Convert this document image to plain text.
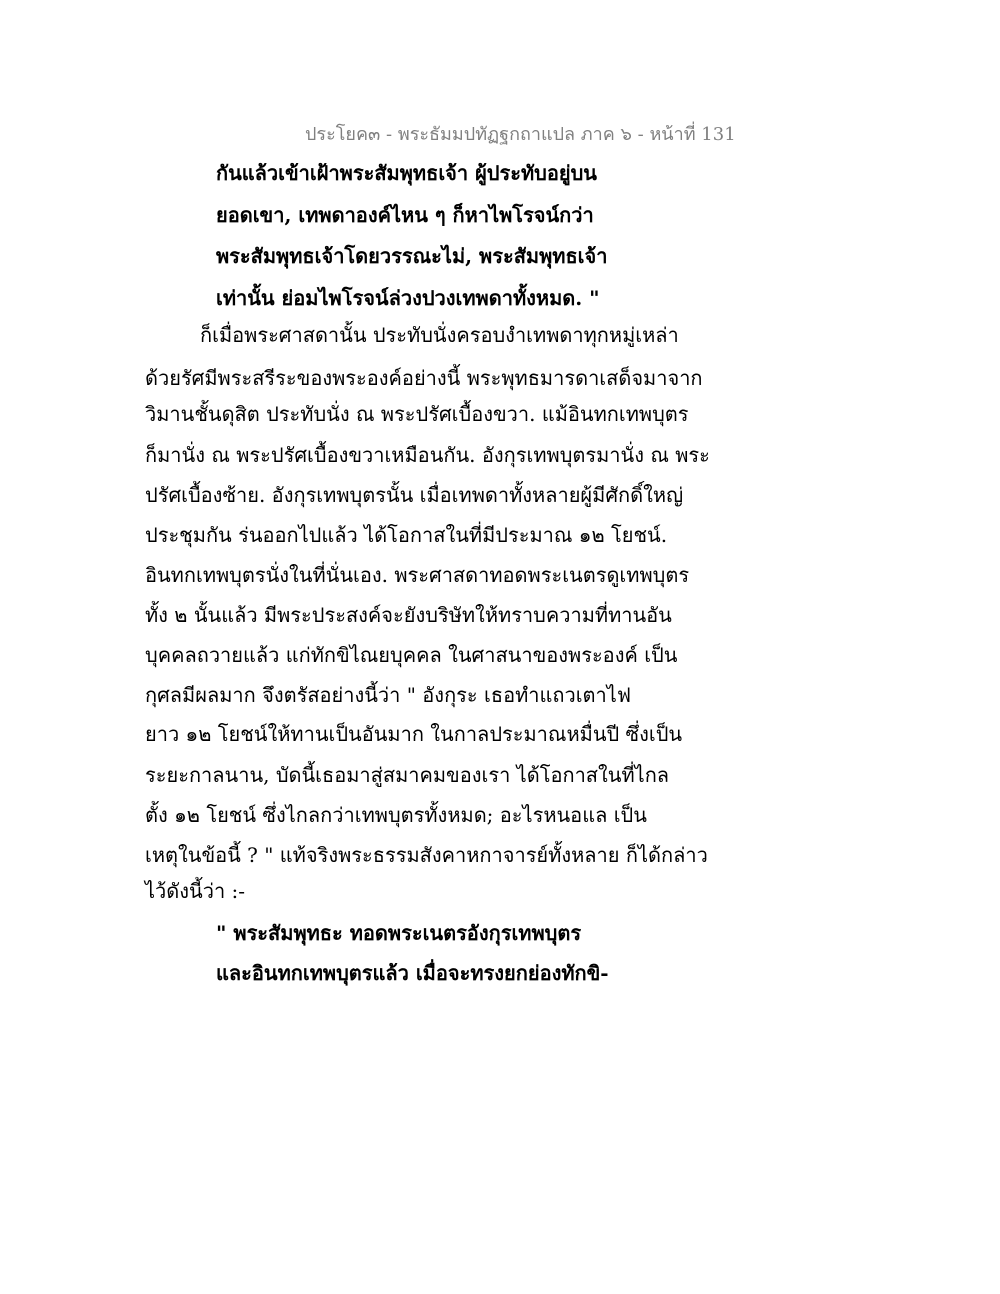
ประโยค๓ - พระธัมมปทัฏฐกถาแปล ภาค ๖ - หน้าที่ 131
กันแล้วเข้าเฝ้าพระสัมพุทธเจ้า ผู้ประทับอยู่บน
ยอดเขา, เทพดาองค์ไหน ๆ ก็หาไพโรจน์กว่า
พระสัมพุทธเจ้าโดยวรรณะไม่, พระสัมพุทธเจ้า
เท่านั้น ย่อมไพโรจน์ล่วงปวงเทพดาทั้งหมด. "
ก็เมื่อพระศาสดานั้น ประทับนั่งครอบงำเทพดาทุกหมู่เหล่า
ด้วยรัศมีพระสรีระของพระองค์อย่างนี้ พระพุทธมารดาเสด็จมาจาก
วิมานชั้นดุสิต ประทับนั่ง ณ พระปรัศเบื้องขวา. แม้อินทกเทพบุตร
ก็มานั่ง ณ พระปรัศเบื้องขวาเหมือนกัน. อังกุรเทพบุตรมานั่ง ณ พระ
ปรัศเบื้องซ้าย. อังกุรเทพบุตรนั้น เมื่อเทพดาทั้งหลายผู้มีศักดิ์ใหญ่
ประชุมกัน ร่นออกไปแล้ว ได้โอกาสในที่มีประมาณ ๑๒ โยชน์.
อินทกเทพบุตรนั่งในที่นั่นเอง. พระศาสดาทอดพระเนตรดูเทพบุตร
ทั้ง ๒ นั้นแล้ว มีพระประสงค์จะยังบริษัทให้ทราบความที่ทานอัน
บุคคลถวายแล้ว แก่ทักขิไณยบุคคล ในศาสนาของพระองค์ เป็น
กุศลมีผลมาก จึงตรัสอย่างนี้ว่า " อังกุระ เธอทำแถวเตาไฟ
ยาว ๑๒ โยชน์ให้ทานเป็นอันมาก ในกาลประมาณหมื่นปี ซึ่งเป็น
ระยะกาลนาน, บัดนี้เธอมาสู่สมาคมของเรา ได้โอกาสในที่ไกล
ตั้ง ๑๒ โยชน์ ซึ่งไกลกว่าเทพบุตรทั้งหมด; อะไรหนอแล เป็น
เหตุในข้อนี้ ? " แท้จริงพระธรรมสังคาหกาจารย์ทั้งหลาย ก็ได้กล่าว
ไว้ดังนี้ว่า :-
" พระสัมพุทธะ ทอดพระเนตรอังกุรเทพบุตร
และอินทกเทพบุตรแล้ว เมื่อจะทรงยกย่องทักขิ-
